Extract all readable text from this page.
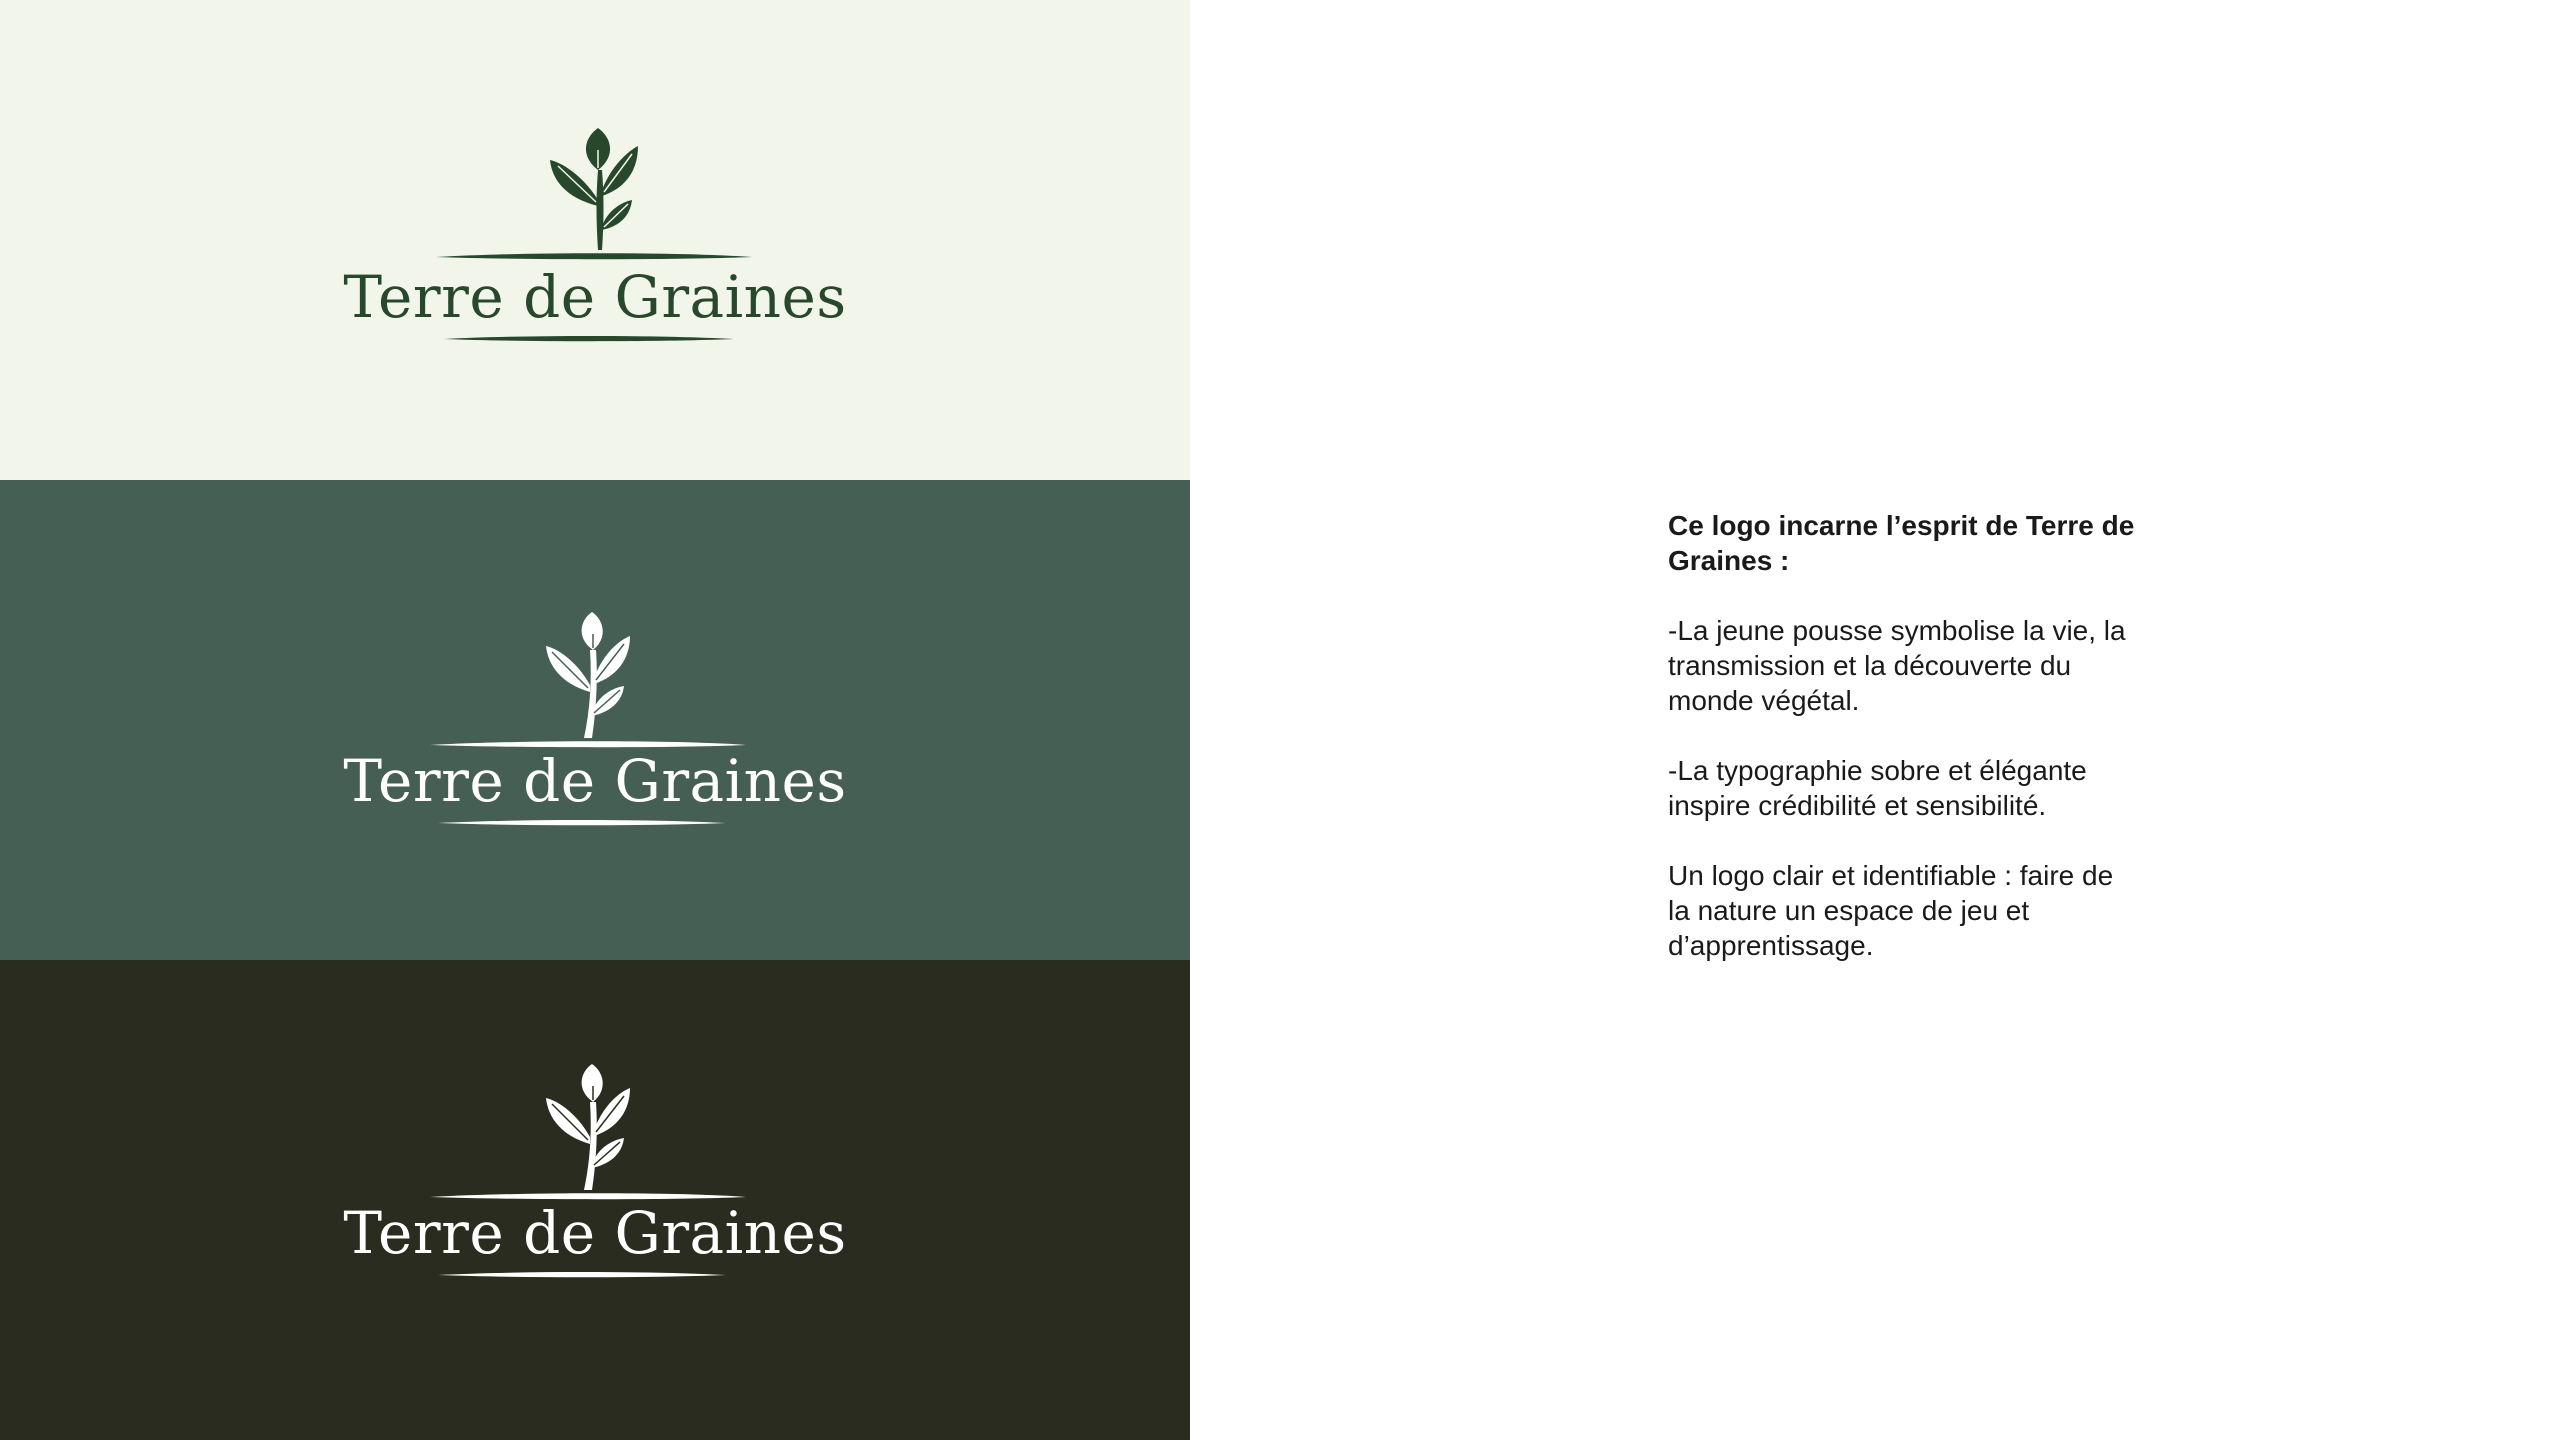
Terre de Graines
Terre de Graines
Terre de Graines

Ce logo incarne l’esprit de Terre de Graines :

-La jeune pousse symbolise la vie, la transmission et la découverte du monde végétal.

-La typographie sobre et élégante inspire crédibilité et sensibilité.

Un logo clair et identifiable : faire de la nature un espace de jeu et d’apprentissage.
